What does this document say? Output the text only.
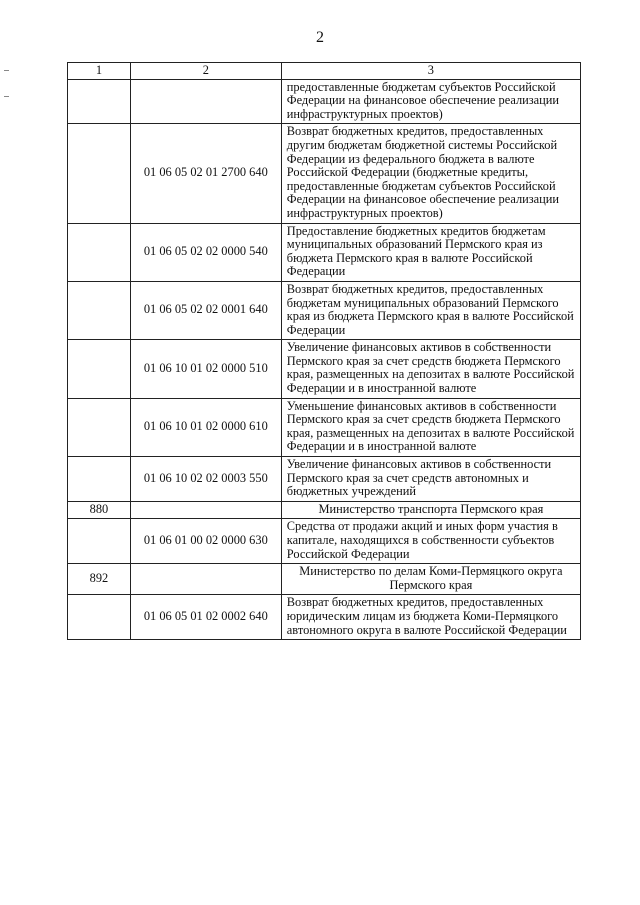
2
1	2	3
		предоставленные бюджетам субъектов Российской Федерации на финансовое обеспечение реализации инфраструктурных проектов)
	01 06 05 02 01 2700 640	Возврат бюджетных кредитов, предоставленных другим бюджетам бюджетной системы Российской Федерации из федерального бюджета в валюте Российской Федерации (бюджетные кредиты, предоставленные бюджетам субъектов Российской Федерации на финансовое обеспечение реализации инфраструктурных проектов)
	01 06 05 02 02 0000 540	Предоставление бюджетных кредитов бюджетам муниципальных образований Пермского края из бюджета Пермского края в валюте Российской Федерации
	01 06 05 02 02 0001 640	Возврат бюджетных кредитов, предоставленных бюджетам муниципальных образований Пермского края из бюджета Пермского края в валюте Российской Федерации
	01 06 10 01 02 0000 510	Увеличение финансовых активов в собственности Пермского края за счет средств бюджета Пермского края, размещенных на депозитах в валюте Российской Федерации и в иностранной валюте
	01 06 10 01 02 0000 610	Уменьшение финансовых активов в собственности Пермского края за счет средств бюджета Пермского края, размещенных на депозитах в валюте Российской Федерации и в иностранной валюте
	01 06 10 02 02 0003 550	Увеличение финансовых активов в собственности Пермского края за счет средств автономных и бюджетных учреждений
880		Министерство транспорта Пермского края
	01 06 01 00 02 0000 630	Средства от продажи акций и иных форм участия в капитале, находящихся в собственности субъектов Российской Федерации
892		Министерство по делам Коми-Пермяцкого округа Пермского края
	01 06 05 01 02 0002 640	Возврат бюджетных кредитов, предоставленных юридическим лицам из бюджета Коми-Пермяцкого автономного округа в валюте Российской Федерации
